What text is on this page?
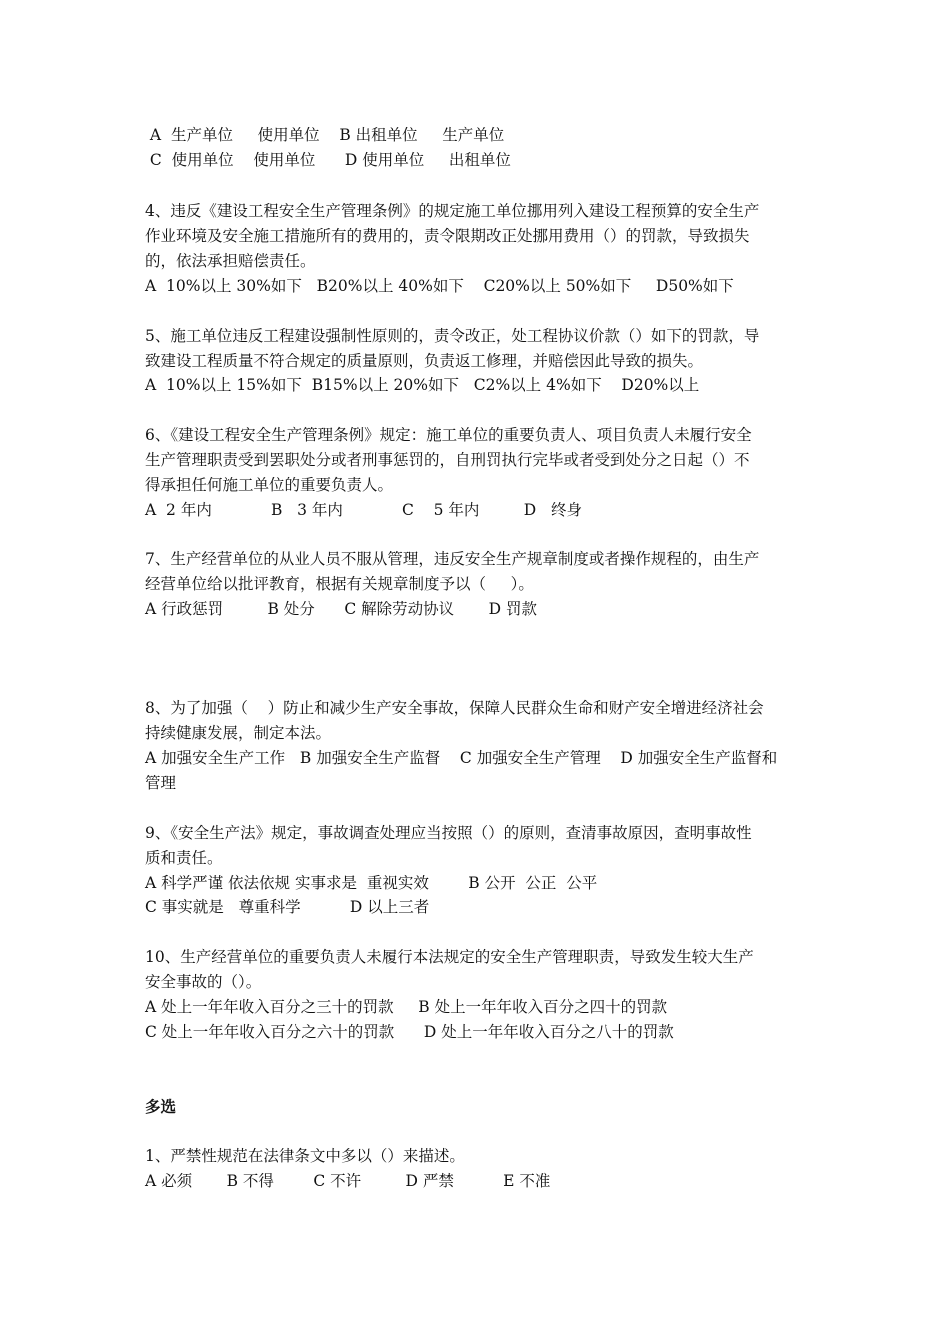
A  生产单位     使用单位    B 出租单位     生产单位
C  使用单位    使用单位      D 使用单位     出租单位
4、违反《建设工程安全生产管理条例》的规定施工单位挪用列入建设工程预算的安全生产
作业环境及安全施工措施所有的费用的，责令限期改正处挪用费用（）的罚款，导致损失
的，依法承担赔偿责任。
A  10%以上 30%如下   B20%以上 40%如下    C20%以上 50%如下     D50%如下
5、施工单位违反工程建设强制性原则的，责令改正，处工程协议价款（）如下的罚款，导
致建设工程质量不符合规定的质量原则，负责返工修理，并赔偿因此导致的损失。
A  10%以上 15%如下  B15%以上 20%如下   C2%以上 4%如下    D20%以上
6、《建设工程安全生产管理条例》规定：施工单位的重要负责人、项目负责人未履行安全
生产管理职责受到罢职处分或者刑事惩罚的，自刑罚执行完毕或者受到处分之日起（）不
得承担任何施工单位的重要负责人。
A  2 年内            B   3 年内            C    5 年内         D   终身
7、生产经营单位的从业人员不服从管理，违反安全生产规章制度或者操作规程的，由生产
经营单位给以批评教育，根据有关规章制度予以（     ）。
A 行政惩罚         B 处分      C 解除劳动协议       D 罚款
8、为了加强（    ）防止和减少生产安全事故，保障人民群众生命和财产安全增进经济社会
持续健康发展，制定本法。
A 加强安全生产工作   B 加强安全生产监督    C 加强安全生产管理    D 加强安全生产监督和
管理
9、《安全生产法》规定，事故调查处理应当按照（）的原则，查清事故原因，查明事故性
质和责任。
A 科学严谨 依法依规 实事求是  重视实效        B 公开  公正  公平
C 事实就是   尊重科学          D 以上三者
10、生产经营单位的重要负责人未履行本法规定的安全生产管理职责，导致发生较大生产
安全事故的（）。
A 处上一年年收入百分之三十的罚款     B 处上一年年收入百分之四十的罚款
C 处上一年年收入百分之六十的罚款      D 处上一年年收入百分之八十的罚款
多选
1、严禁性规范在法律条文中多以（）来描述。
A 必须       B 不得        C 不许         D 严禁          E 不准
